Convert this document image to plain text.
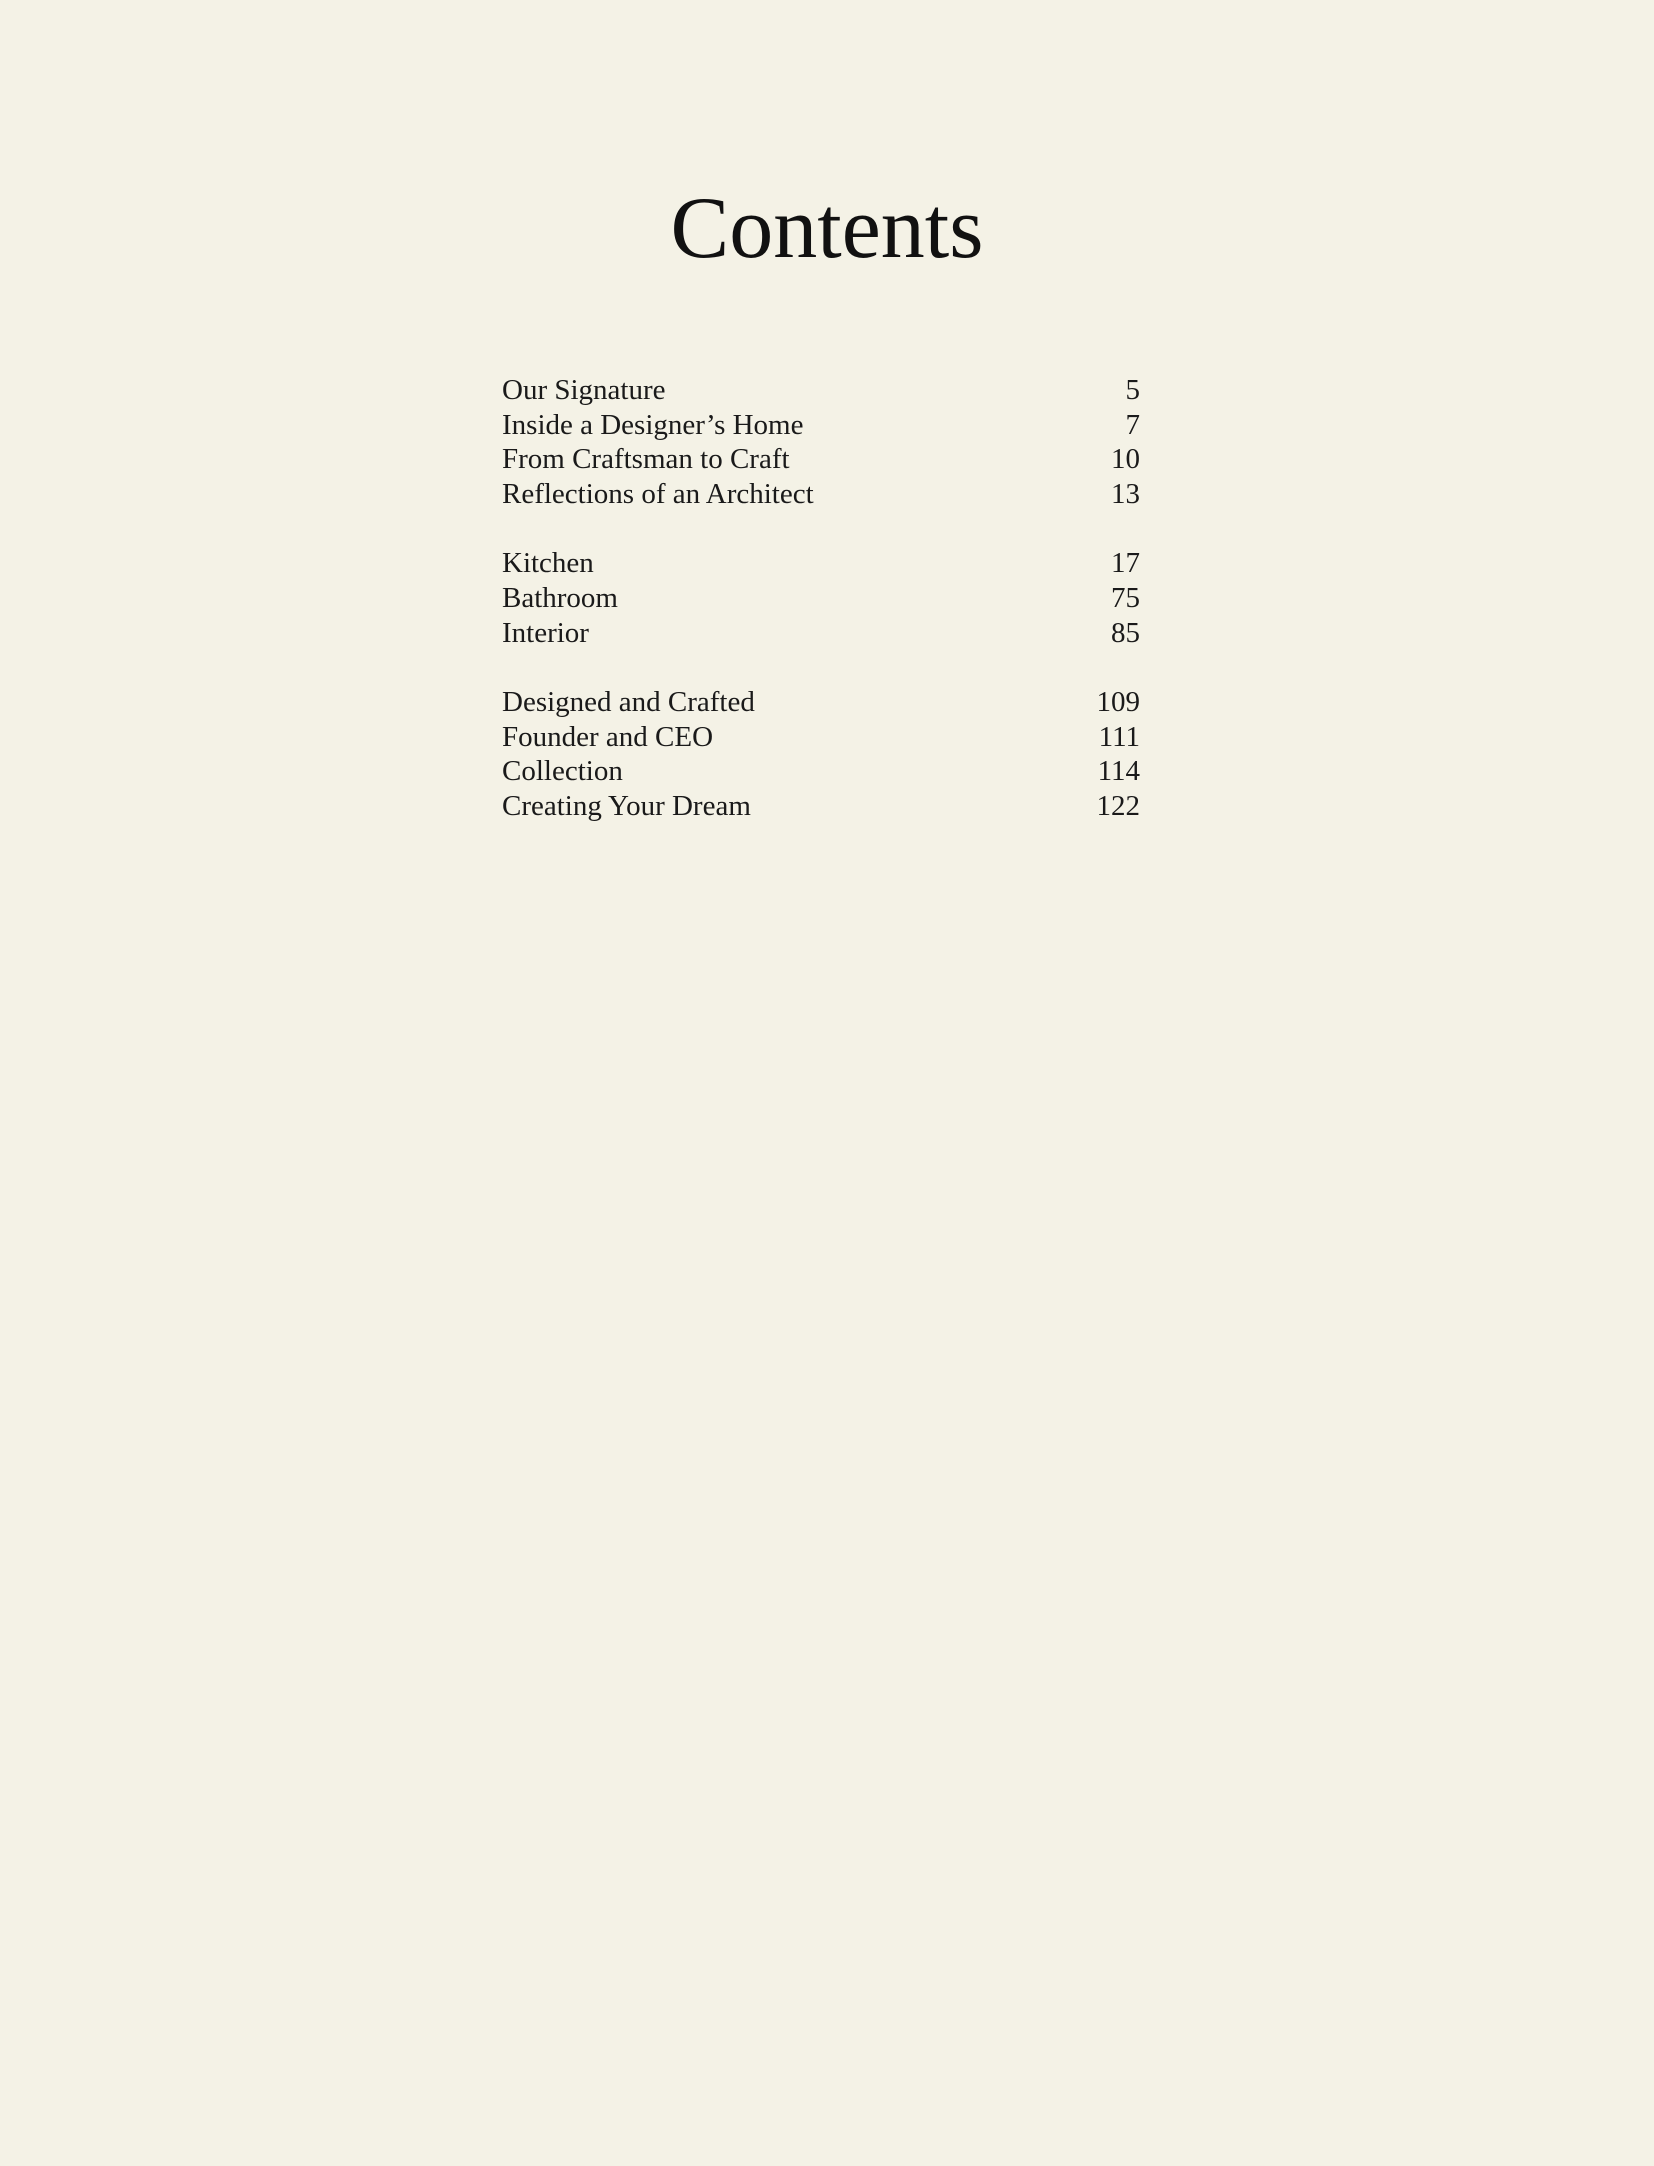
Contents
Our Signature	5
Inside a Designer’s Home	7
From Craftsman to Craft	10
Reflections of an Architect	13
Kitchen	17
Bathroom	75
Interior	85
Designed and Crafted	109
Founder and CEO	111
Collection	114
Creating Your Dream	122
